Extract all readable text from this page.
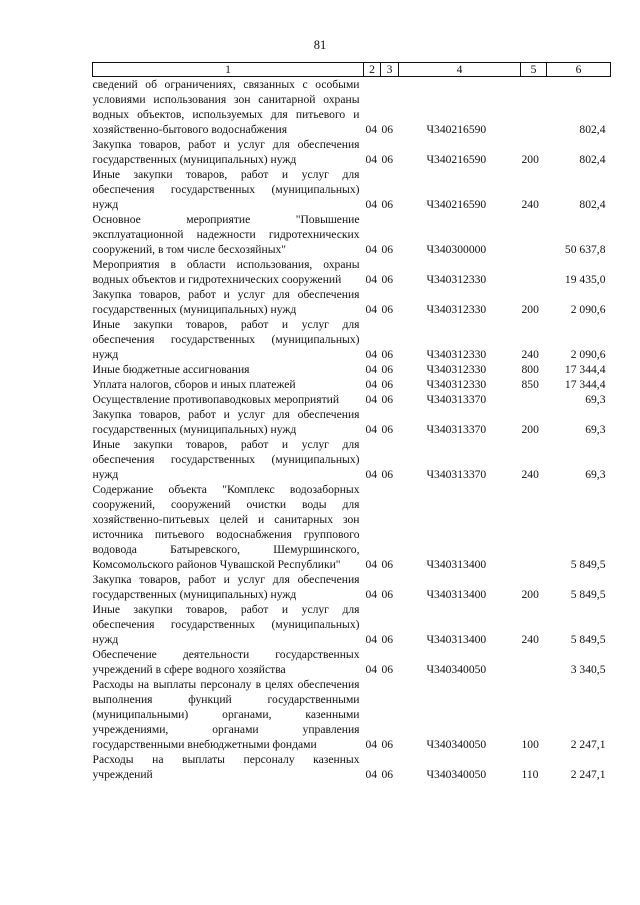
81
1	2	3	4	5	6
сведений об ограничениях, связанных с особыми условиями использования зон санитарной охраны водных объектов, используемых для питьевого и хозяйственно-бытового водоснабжения	04	06	Ч340216590		802,4
Закупка товаров, работ и услуг для обеспечения государственных (муниципальных) нужд	04	06	Ч340216590	200	802,4
Иные закупки товаров, работ и услуг для обеспечения государственных (муниципальных) нужд	04	06	Ч340216590	240	802,4
Основное мероприятие "Повышение эксплуатационной надежности гидротехнических сооружений, в том числе бесхозяйных"	04	06	Ч340300000		50 637,8
Мероприятия в области использования, охраны водных объектов и гидротехнических сооружений	04	06	Ч340312330		19 435,0
Закупка товаров, работ и услуг для обеспечения государственных (муниципальных) нужд	04	06	Ч340312330	200	2 090,6
Иные закупки товаров, работ и услуг для обеспечения государственных (муниципальных) нужд	04	06	Ч340312330	240	2 090,6
Иные бюджетные ассигнования	04	06	Ч340312330	800	17 344,4
Уплата налогов, сборов и иных платежей	04	06	Ч340312330	850	17 344,4
Осуществление противопаводковых мероприятий	04	06	Ч340313370		69,3
Закупка товаров, работ и услуг для обеспечения государственных (муниципальных) нужд	04	06	Ч340313370	200	69,3
Иные закупки товаров, работ и услуг для обеспечения государственных (муниципальных) нужд	04	06	Ч340313370	240	69,3
Содержание объекта "Комплекс водозаборных сооружений, сооружений очистки воды для хозяйственно-питьевых целей и санитарных зон источника питьевого водоснабжения группового водовода Батыревского, Шемуршинского, Комсомольского районов Чувашской Республики"	04	06	Ч340313400		5 849,5
Закупка товаров, работ и услуг для обеспечения государственных (муниципальных) нужд	04	06	Ч340313400	200	5 849,5
Иные закупки товаров, работ и услуг для обеспечения государственных (муниципальных) нужд	04	06	Ч340313400	240	5 849,5
Обеспечение деятельности государственных учреждений в сфере водного хозяйства	04	06	Ч340340050		3 340,5
Расходы на выплаты персоналу в целях обеспечения выполнения функций государственными (муниципальными) органами, казенными учреждениями, органами управления государственными внебюджетными фондами	04	06	Ч340340050	100	2 247,1
Расходы на выплаты персоналу казенных учреждений	04	06	Ч340340050	110	2 247,1
